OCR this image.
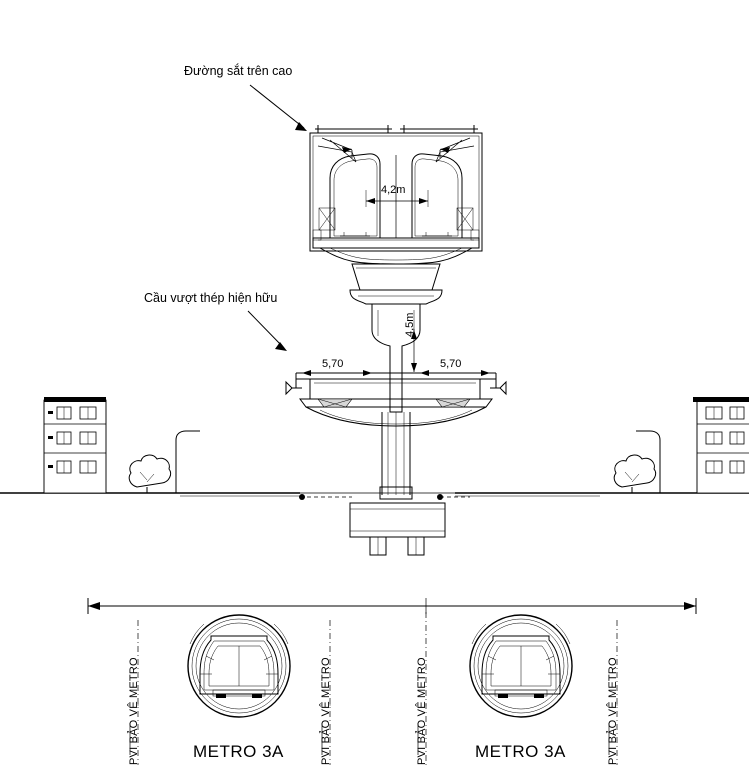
Đường sắt trên cao
Cầu vượt thép hiện hữu
4,2m
4,5m
5,70	5,70
METRO 3A	METRO 3A
PVI BẢO VỆ METRO	PVI BẢO VỆ METRO	PVI BẢO VỆ METRO	PVI BẢO VỆ METRO
